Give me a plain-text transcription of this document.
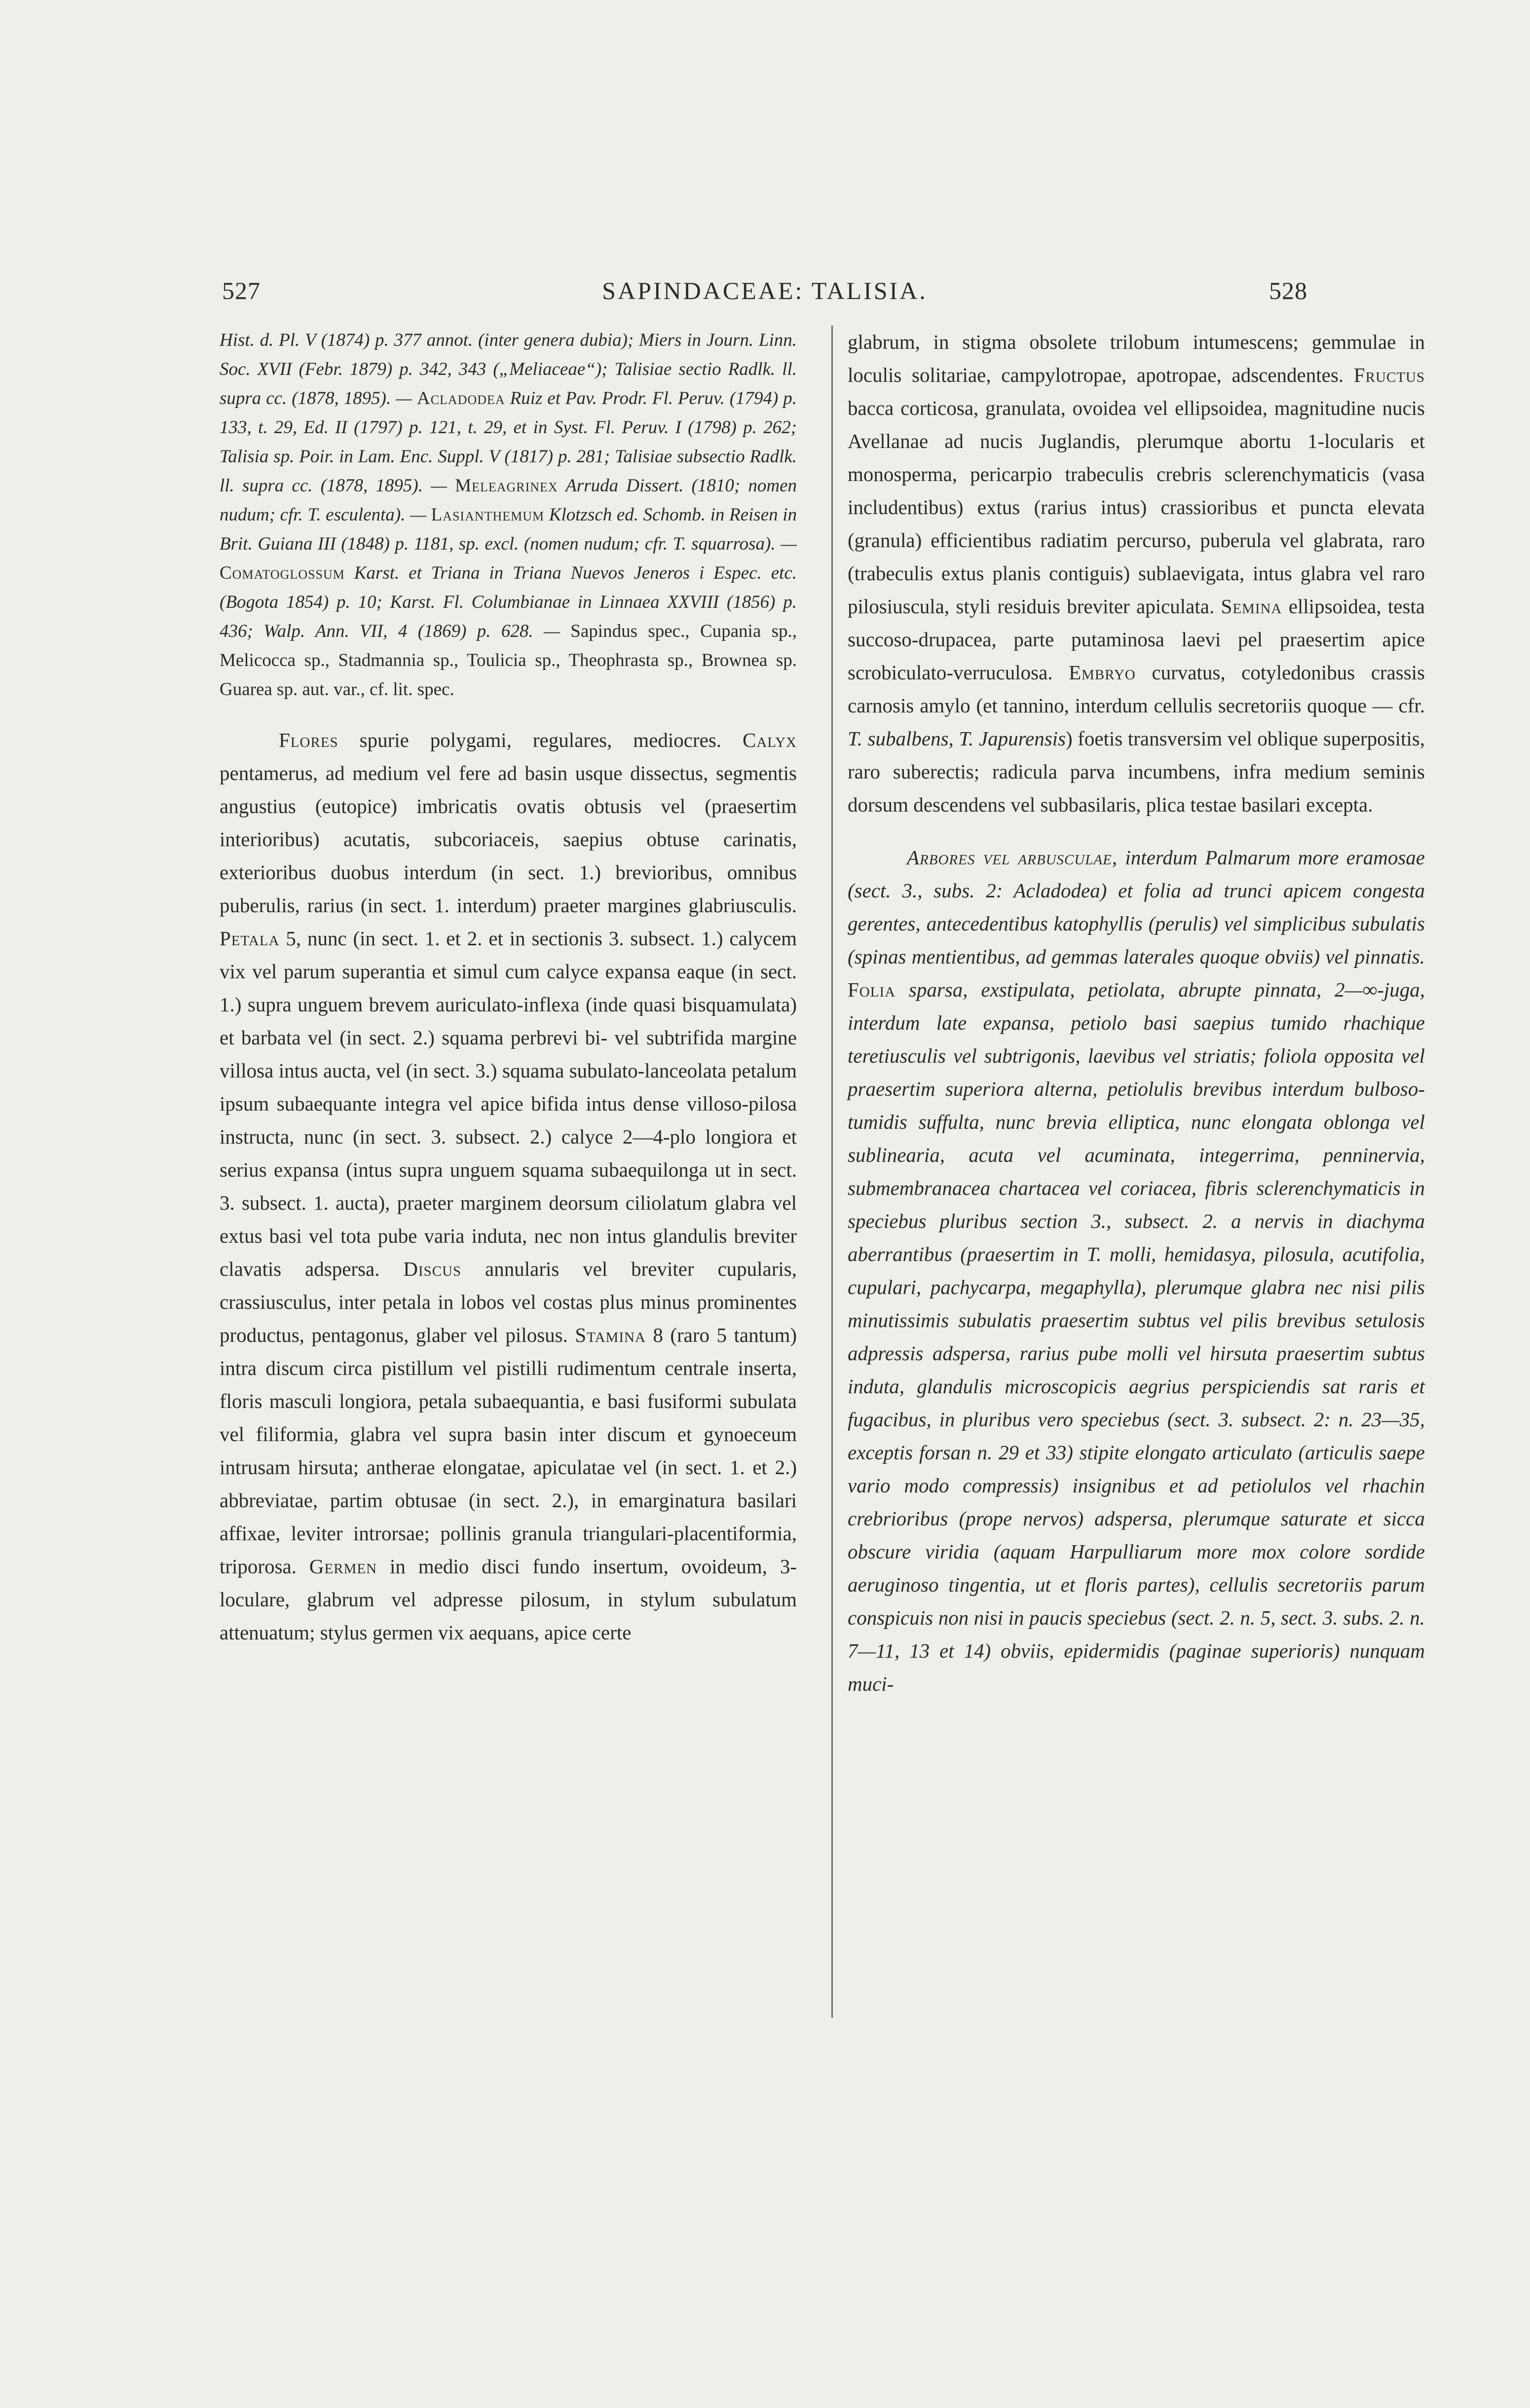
527	SAPINDACEAE: TALISIA.	528

Hist. d. Pl. V (1874) p. 377 annot. (inter genera dubia); Miers in Journ. Linn. Soc. XVII (Febr. 1879) p. 342, 343 („Meliaceae“); Talisiae sectio Radlk. ll. supra cc. (1878, 1895). — Acladodea Ruiz et Pav. Prodr. Fl. Peruv. (1794) p. 133, t. 29, Ed. II (1797) p. 121, t. 29, et in Syst. Fl. Peruv. I (1798) p. 262; Talisia sp. Poir. in Lam. Enc. Suppl. V (1817) p. 281; Talisiae subsectio Radlk. ll. supra cc. (1878, 1895). — Meleagrinex Arruda Dissert. (1810; nomen nudum; cfr. T. esculenta). — Lasianthemum Klotzsch ed. Schomb. in Reisen in Brit. Guiana III (1848) p. 1181, sp. excl. (nomen nudum; cfr. T. squarrosa). — Comatoglossum Karst. et Triana in Triana Nuevos Jeneros i Espec. etc. (Bogota 1854) p. 10; Karst. Fl. Columbianae in Linnaea XXVIII (1856) p. 436; Walp. Ann. VII, 4 (1869) p. 628. — Sapindus spec., Cupania sp., Melicocca sp., Stadmannia sp., Toulicia sp., Theophrasta sp., Brownea sp. Guarea sp. aut. var., cf. lit. spec.

Flores spurie polygami, regulares, mediocres. Calyx pentamerus, ad medium vel fere ad basin usque dissectus, segmentis angustius (eutopice) imbricatis ovatis obtusis vel (praesertim interioribus) acutatis, subcoriaceis, saepius obtuse carinatis, exterioribus duobus interdum (in sect. 1.) brevioribus, omnibus puberulis, rarius (in sect. 1. interdum) praeter margines glabriusculis. Petala 5, nunc (in sect. 1. et 2. et in sectionis 3. subsect. 1.) calycem vix vel parum superantia et simul cum calyce expansa eaque (in sect. 1.) supra unguem brevem auriculato-inflexa (inde quasi bisquamulata) et barbata vel (in sect. 2.) squama perbrevi bi- vel subtrifida margine villosa intus aucta, vel (in sect. 3.) squama subulato-lanceolata petalum ipsum subaequante integra vel apice bifida intus dense villoso-pilosa instructa, nunc (in sect. 3. subsect. 2.) calyce 2—4-plo longiora et serius expansa (intus supra unguem squama subaequilonga ut in sect. 3. subsect. 1. aucta), praeter marginem deorsum ciliolatum glabra vel extus basi vel tota pube varia induta, nec non intus glandulis breviter clavatis adspersa. Discus annularis vel breviter cupularis, crassiusculus, inter petala in lobos vel costas plus minus prominentes productus, pentagonus, glaber vel pilosus. Stamina 8 (raro 5 tantum) intra discum circa pistillum vel pistilli rudimentum centrale inserta, floris masculi longiora, petala subaequantia, e basi fusiformi subulata vel filiformia, glabra vel supra basin inter discum et gynoeceum intrusam hirsuta; antherae elongatae, apiculatae vel (in sect. 1. et 2.) abbreviatae, partim obtusae (in sect. 2.), in emarginatura basilari affixae, leviter introrsae; pollinis granula triangulari-placentiformia, triporosa. Germen in medio disci fundo insertum, ovoideum, 3-loculare, glabrum vel adpresse pilosum, in stylum subulatum attenuatum; stylus germen vix aequans, apice certe

glabrum, in stigma obsolete trilobum intumescens; gemmulae in loculis solitariae, campylotropae, apotropae, adscendentes. Fructus bacca corticosa, granulata, ovoidea vel ellipsoidea, magnitudine nucis Avellanae ad nucis Juglandis, plerumque abortu 1-locularis et monosperma, pericarpio trabeculis crebris sclerenchymaticis (vasa includentibus) extus (rarius intus) crassioribus et puncta elevata (granula) efficientibus radiatim percurso, puberula vel glabrata, raro (trabeculis extus planis contiguis) sublaevigata, intus glabra vel raro pilosiuscula, styli residuis breviter apiculata. Semina ellipsoidea, testa succoso-drupacea, parte putaminosa laevi pel praesertim apice scrobiculato-verruculosa. Embryo curvatus, cotyledonibus crassis carnosis amylo (et tannino, interdum cellulis secretoriis quoque — cfr. T. subalbens, T. Japurensis) foetis transversim vel oblique superpositis, raro suberectis; radicula parva incumbens, infra medium seminis dorsum descendens vel subbasilaris, plica testae basilari excepta.

Arbores vel arbusculae, interdum Palmarum more eramosae (sect. 3., subs. 2: Acladodea) et folia ad trunci apicem congesta gerentes, antecedentibus katophyllis (perulis) vel simplicibus subulatis (spinas mentientibus, ad gemmas laterales quoque obviis) vel pinnatis. Folia sparsa, exstipulata, petiolata, abrupte pinnata, 2—∞-juga, interdum late expansa, petiolo basi saepius tumido rhachique teretiusculis vel subtrigonis, laevibus vel striatis; foliola opposita vel praesertim superiora alterna, petiolulis brevibus interdum bulboso-tumidis suffulta, nunc brevia elliptica, nunc elongata oblonga vel sublinearia, acuta vel acuminata, integerrima, penninervia, submembranacea chartacea vel coriacea, fibris sclerenchymaticis in speciebus pluribus section 3., subsect. 2. a nervis in diachyma aberrantibus (praesertim in T. molli, hemidasya, pilosula, acutifolia, cupulari, pachycarpa, megaphylla), plerumque glabra nec nisi pilis minutissimis subulatis praesertim subtus vel pilis brevibus setulosis adpressis adspersa, rarius pube molli vel hirsuta praesertim subtus induta, glandulis microscopicis aegrius perspiciendis sat raris et fugacibus, in pluribus vero speciebus (sect. 3. subsect. 2: n. 23—35, exceptis forsan n. 29 et 33) stipite elongato articulato (articulis saepe vario modo compressis) insignibus et ad petiolulos vel rhachin crebrioribus (prope nervos) adspersa, plerumque saturate et sicca obscure viridia (aquam Harpulliarum more mox colore sordide aeruginoso tingentia, ut et floris partes), cellulis secretoriis parum conspicuis non nisi in paucis speciebus (sect. 2. n. 5, sect. 3. subs. 2. n. 7—11, 13 et 14) obviis, epidermidis (paginae superioris) nunquam muci-
